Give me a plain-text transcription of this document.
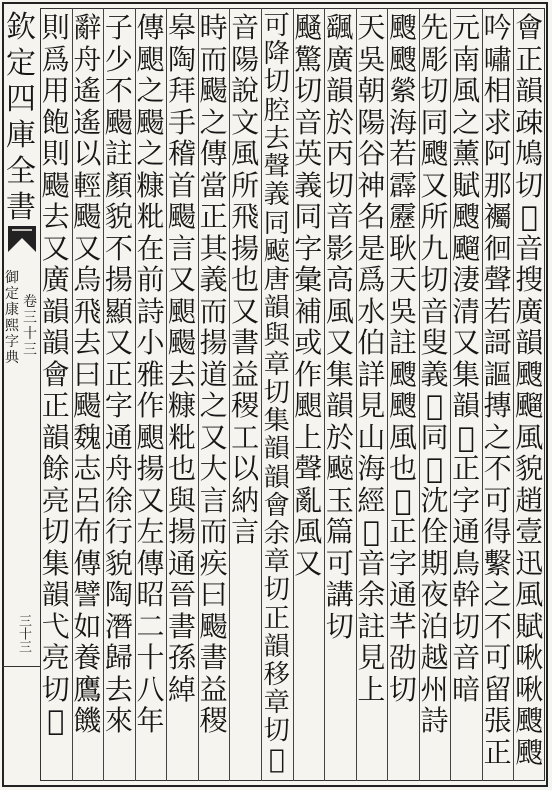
欽
定
四
庫
全
書
御
定
康
熙
字
典
卷
三
十
三
三十三
會
正
韻
疎
鳩
切
𡘜
音
搜
廣
韻
颼
飀
風
貌
趙
壹
迅
風
賦
啾
啾
颼
颼
吟
嘯
相
求
阿
那
䙱
徊
聲
若
謌
謳
摶
之
不
可
得
繫
之
不
可
留
張
正
元
南
風
之
薰
賦
颼
飀
淒
清
又
集
韻
𩗹
正
字
通
鳥
幹
切
音
暗
先
彫
切
同
颼
又
所
九
切
音
叟
義
𡘜
同
𩗹
沈
佺
期
夜
泊
越
州
詩
颼
颼
縈
海
若
霹
靂
耿
天
吳
註
颼
颼
風
也
𩗹
正
字
通
芊
劭
切
天
吳
朝
陽
谷
神
名
是
爲
水
伯
詳
見
山
海
經
𩗹
音
余
註
見
上
颻
廣
韻
於
丙
切
音
影
高
風
又
集
韻
於
𩗬
玉
篇
可
講
切
颾
驚
切
音
英
義
同
字
彙
補
或
作
𩗗
上
聲
亂
風
又
可
降
切
腔
去
聲
義
同
𩗬
唐
韻
與
章
切
集
韻
韻
會
余
章
切
正
韻
移
章
切
𡘜
音
陽
說
文
風
所
飛
揚
也
又
書
益
稷
工
以
納
言
時
而
颺
之
傳
當
正
其
義
而
揚
道
之
又
大
言
而
疾
曰
颺
書
益
稷
皋
陶
拜
手
稽
首
颺
言
又
𩗗
颺
去
糠
粃
也
與
揚
通
晉
書
孫
綽
傳
𩗗
之
颺
之
糠
粃
在
前
詩
小
雅
作
𩗗
揚
又
左
傳
昭
二
十
八
年
子
少
不
颺
註
顏
貌
不
揚
顯
又
正
字
通
舟
徐
行
貌
陶
潛
歸
去
來
辭
舟
遙
遙
以
輕
颺
又
烏
飛
去
曰
颺
魏
志
呂
布
傳
譬
如
養
鷹
饑
則
爲
用
飽
則
颺
去
又
廣
韻
韻
會
正
韻
餘
亮
切
集
韻
弋
亮
切
𡘜
